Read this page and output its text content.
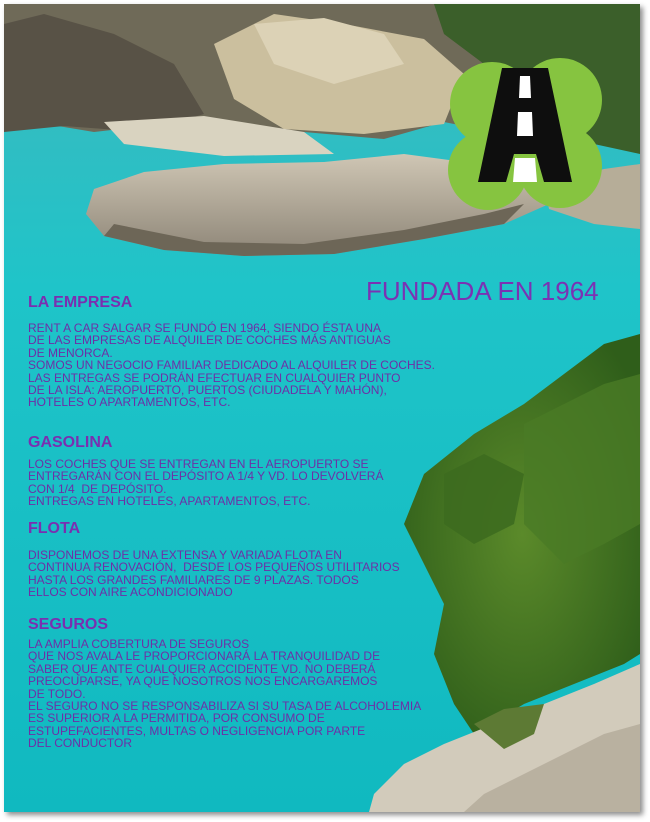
FUNDADA EN 1964
LA EMPRESA
RENT A CAR SALGAR SE FUNDÓ EN 1964, SIENDO ÉSTA UNA
DE LAS EMPRESAS DE ALQUILER DE COCHES MÁS ANTIGUAS
DE MENORCA.
SOMOS UN NEGOCIO FAMILIAR DEDICADO AL ALQUILER DE COCHES.
LAS ENTREGAS SE PODRÁN EFECTUAR EN CUALQUIER PUNTO
DE LA ISLA: AEROPUERTO, PUERTOS (CIUDADELA Y MAHÓN),
HOTELES O APARTAMENTOS, ETC.
GASOLINA
LOS COCHES QUE SE ENTREGAN EN EL AEROPUERTO SE
ENTREGARÁN CON EL DEPÓSITO A 1/4 Y VD. LO DEVOLVERÁ
CON 1/4  DE DEPÓSITO.
ENTREGAS EN HOTELES, APARTAMENTOS, ETC.
FLOTA
DISPONEMOS DE UNA EXTENSA Y VARIADA FLOTA EN
CONTINUA RENOVACIÓN,  DESDE LOS PEQUEÑOS UTILITARIOS
HASTA LOS GRANDES FAMILIARES DE 9 PLAZAS. TODOS
ELLOS CON AIRE ACONDICIONADO
SEGUROS
LA AMPLIA COBERTURA DE SEGUROS
QUE NOS AVALA LE PROPORCIONARÁ LA TRANQUILIDAD DE
SABER QUE ANTE CUALQUIER ACCIDENTE VD. NO DEBERÁ
PREOCUPARSE, YA QUE NOSOTROS NOS ENCARGAREMOS
DE TODO.
EL SEGURO NO SE RESPONSABILIZA SI SU TASA DE ALCOHOLEMIA
ES SUPERIOR A LA PERMITIDA, POR CONSUMO DE
ESTUPEFACIENTES, MULTAS O NEGLIGENCIA POR PARTE
DEL CONDUCTOR
